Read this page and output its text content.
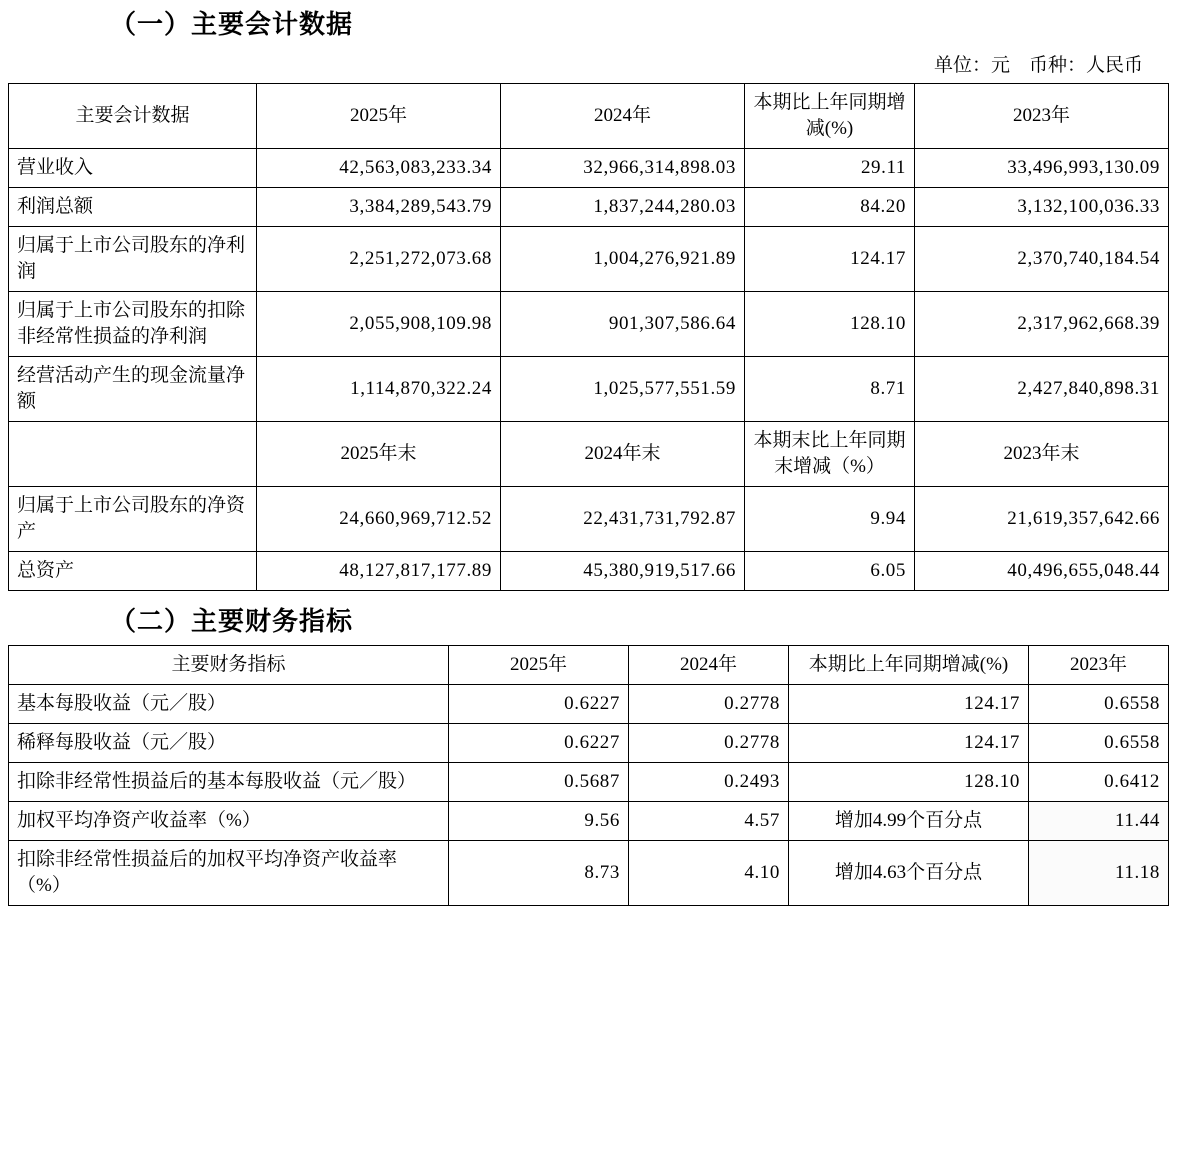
（一）主要会计数据
单位：元　币种：人民币
主要会计数据	2025年	2024年	本期比上年同期增减(%)	2023年
营业收入	42,563,083,233.34	32,966,314,898.03	29.11	33,496,993,130.09
利润总额	3,384,289,543.79	1,837,244,280.03	84.20	3,132,100,036.33
归属于上市公司股东的净利润	2,251,272,073.68	1,004,276,921.89	124.17	2,370,740,184.54
归属于上市公司股东的扣除非经常性损益的净利润	2,055,908,109.98	901,307,586.64	128.10	2,317,962,668.39
经营活动产生的现金流量净额	1,114,870,322.24	1,025,577,551.59	8.71	2,427,840,898.31
	2025年末	2024年末	本期末比上年同期末增减（%）	2023年末
归属于上市公司股东的净资产	24,660,969,712.52	22,431,731,792.87	9.94	21,619,357,642.66
总资产	48,127,817,177.89	45,380,919,517.66	6.05	40,496,655,048.44
（二）主要财务指标
主要财务指标	2025年	2024年	本期比上年同期增减(%)	2023年
基本每股收益（元／股）	0.6227	0.2778	124.17	0.6558
稀释每股收益（元／股）	0.6227	0.2778	124.17	0.6558
扣除非经常性损益后的基本每股收益（元／股）	0.5687	0.2493	128.10	0.6412
加权平均净资产收益率（%）	9.56	4.57	增加4.99个百分点	11.44
扣除非经常性损益后的加权平均净资产收益率（%）	8.73	4.10	增加4.63个百分点	11.18
